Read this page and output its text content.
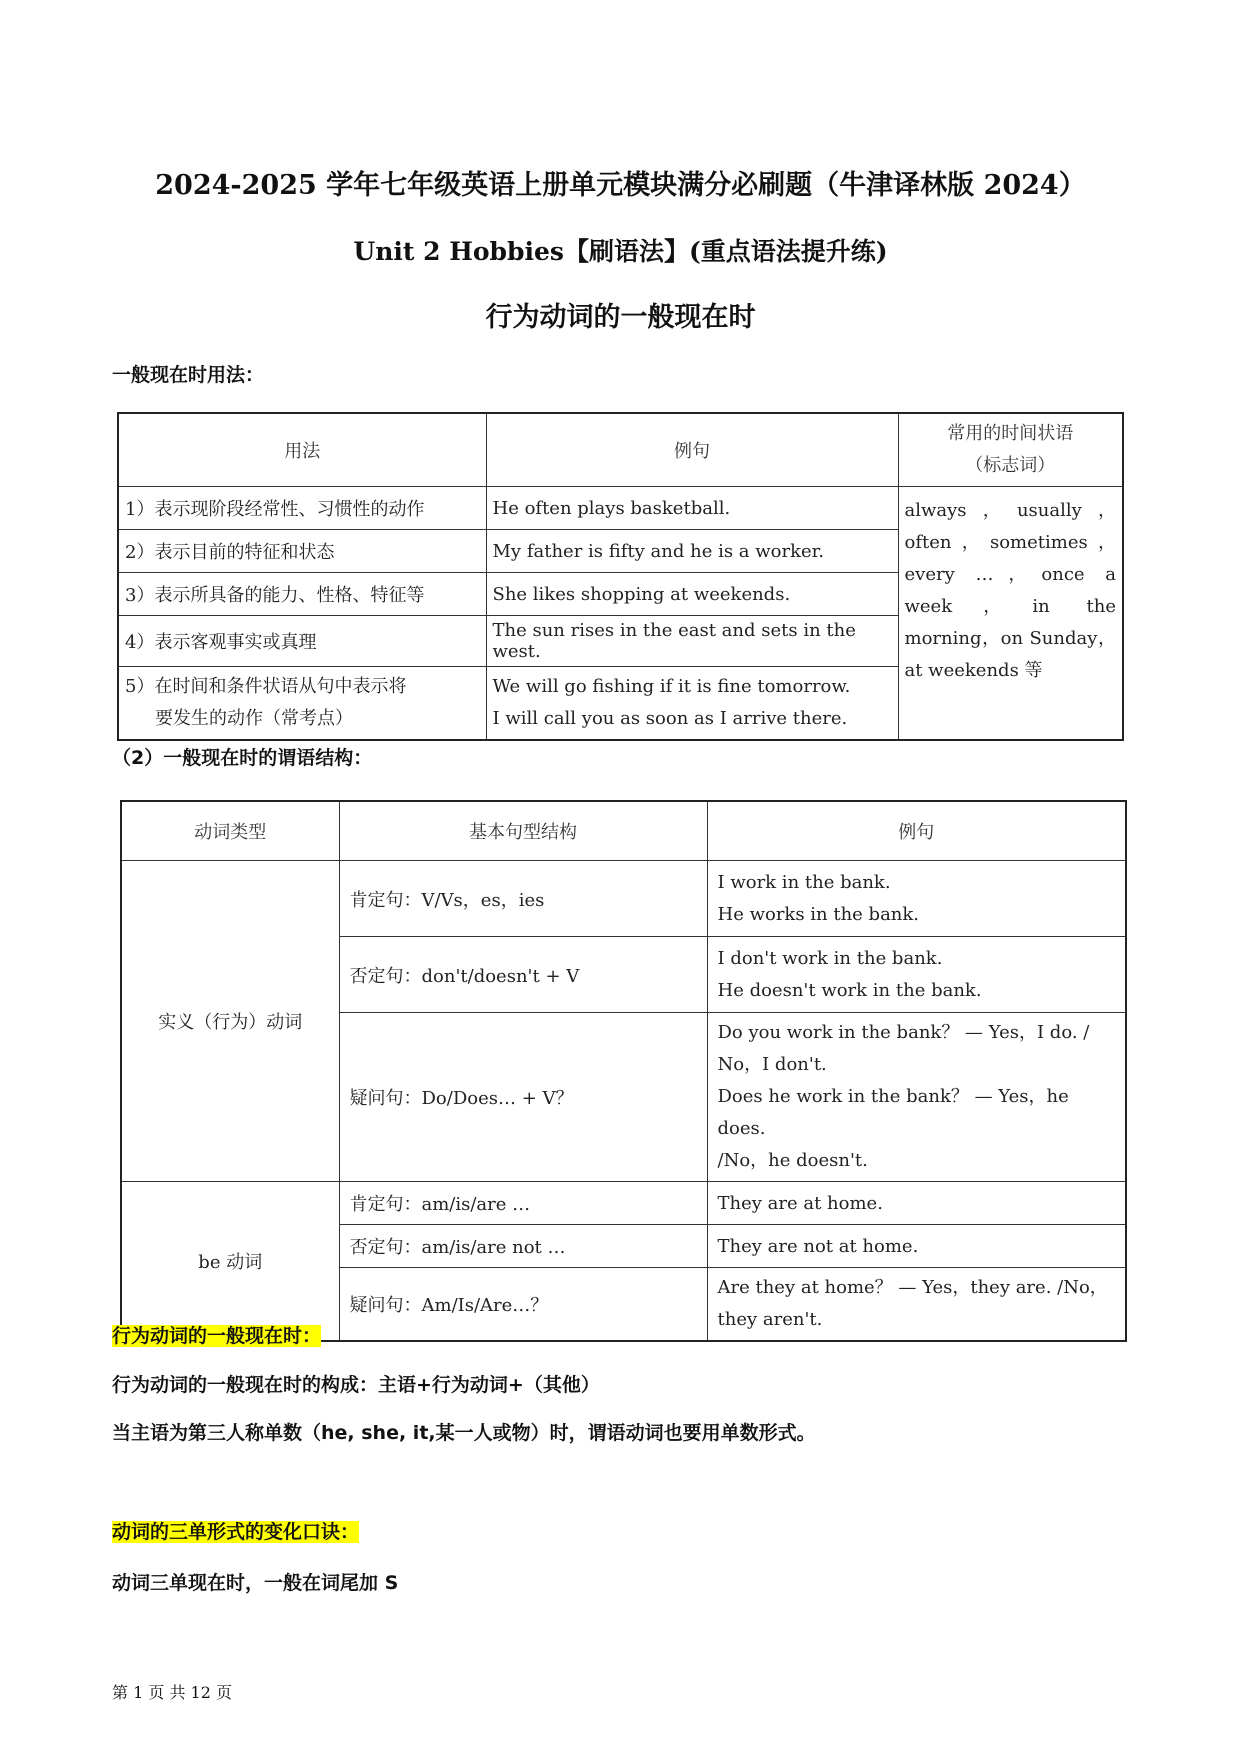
2024-2025 学年七年级英语上册单元模块满分必刷题（牛津译林版 2024）
Unit 2 Hobbies【刷语法】(重点语法提升练)
行为动词的一般现在时
一般现在时用法：
用法	例句	常用的时间状语
（标志词）

1）表示现阶段经常性、习惯性的动作	He often plays basketball.	always，usually，often，sometimes， every …，once a week，in the morning，on Sunday，at weekends 等
2）表示目前的特征和状态	My father is fifty and he is a worker.	
3）表示所具备的能力、性格、特征等	She likes shopping at weekends.	
4）表示客观事实或真理	The sun rises in the east and sets in the west.	

5）在时间和条件状语从句中表示将
要发生的动作（常考点）	We will go fishing if it is fine tomorrow.
I will call you as soon as I arrive there.	
（2）一般现在时的谓语结构：
动词类型	基本句型结构	例句
实义（行为）动词	肯定句：V/Vs，es，ies	I work in the bank.
He works in the bank.

	否定句：don't/doesn't + V	I don't work in the bank.
He doesn't work in the bank.

	疑问句：Do/Does… + V？	Do you work in the bank？ — Yes，I do. /
No，I don't.
Does he work in the bank？ — Yes，he does.
/No，he doesn't.

be 动词	肯定句：am/is/are …	They are at home.
	否定句：am/is/are not …	They are not at home.
	疑问句：Am/Is/Are…？	Are they at home？ — Yes，they are. /No，
they aren't.
行为动词的一般现在时：
行为动词的一般现在时的构成：主语+行为动词+（其他）
当主语为第三人称单数（he, she, it,某一人或物）时，谓语动词也要用单数形式。
动词的三单形式的变化口诀：
动词三单现在时，一般在词尾加 S
第 1 页 共 12 页
